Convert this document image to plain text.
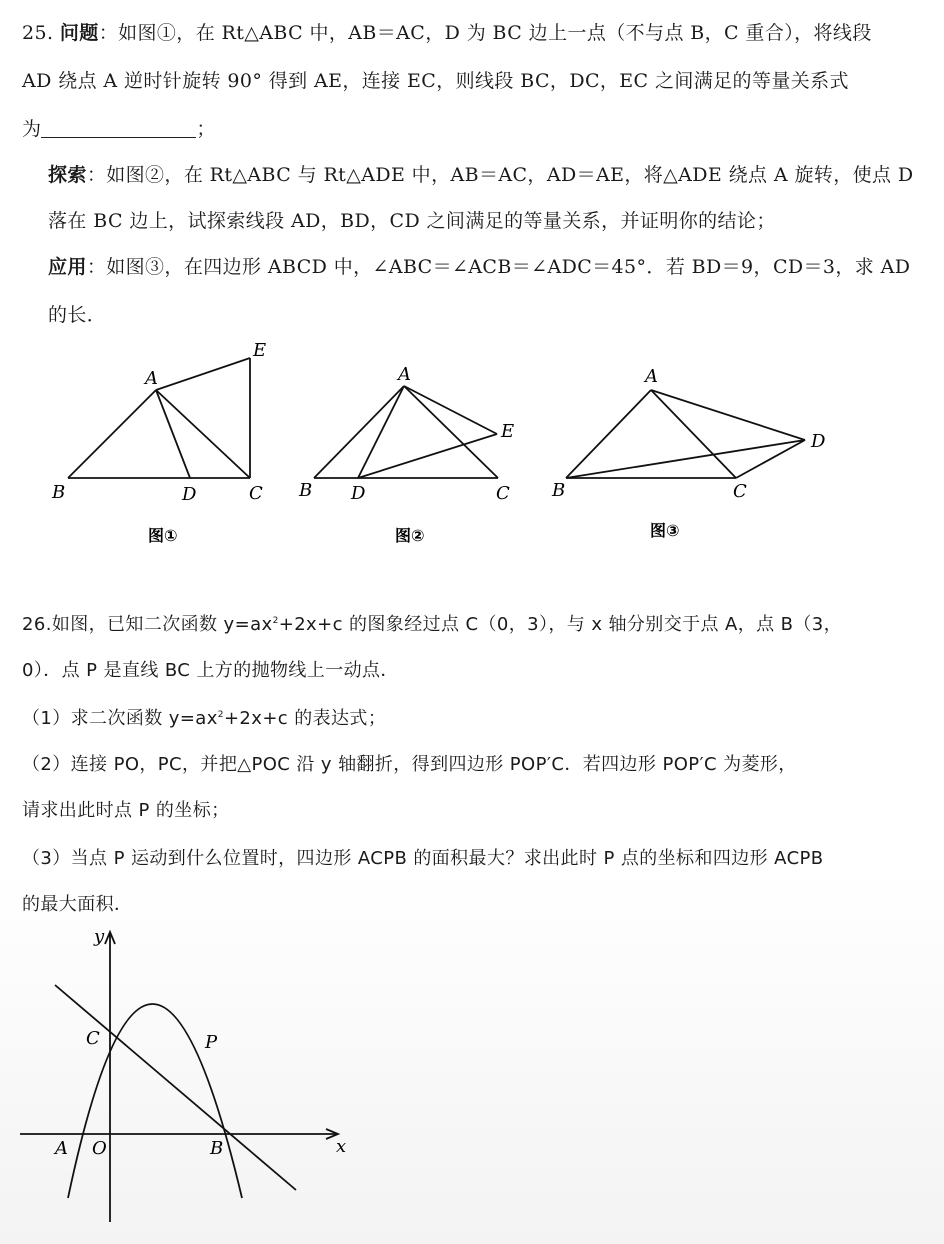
25. 问题：如图①，在 Rt△ABC 中，AB＝AC，D 为 BC 边上一点（不与点 B，C 重合），将线段
AD 绕点 A 逆时针旋转 90° 得到 AE，连接 EC，则线段 BC，DC，EC 之间满足的等量关系式
为	；
探索：如图②，在 Rt△ABC 与 Rt△ADE 中，AB＝AC，AD＝AE，将△ADE 绕点 A 旋转，使点 D
落在 BC 边上，试探索线段 AD，BD，CD 之间满足的等量关系，并证明你的结论；
应用：如图③，在四边形 ABCD 中，∠ABC＝∠ACB＝∠ADC＝45°．若 BD＝9，CD＝3，求 AD
的长．
A
E
B	D	C
图①
A
E
B D	C
图②
A
D
B	C
图③
26.如图，已知二次函数 $y=ax^2+2x+c$ 的图象经过点 C（0，3），与 x 轴分别交于点 A，点 B（3，
0）．点 P 是直线 BC 上方的抛物线上一动点．
（1）求二次函数 $y=ax^2+2x+c$ 的表达式；
（2）连接 PO，PC，并把△POC 沿 y 轴翻折，得到四边形 POP′C．若四边形 POP′C 为菱形，
请求出此时点 P 的坐标；
（3）当点 P 运动到什么位置时，四边形 ACPB 的面积最大？求出此时 P 点的坐标和四边形 ACPB
的最大面积．
y
x
C	P
A O	B
